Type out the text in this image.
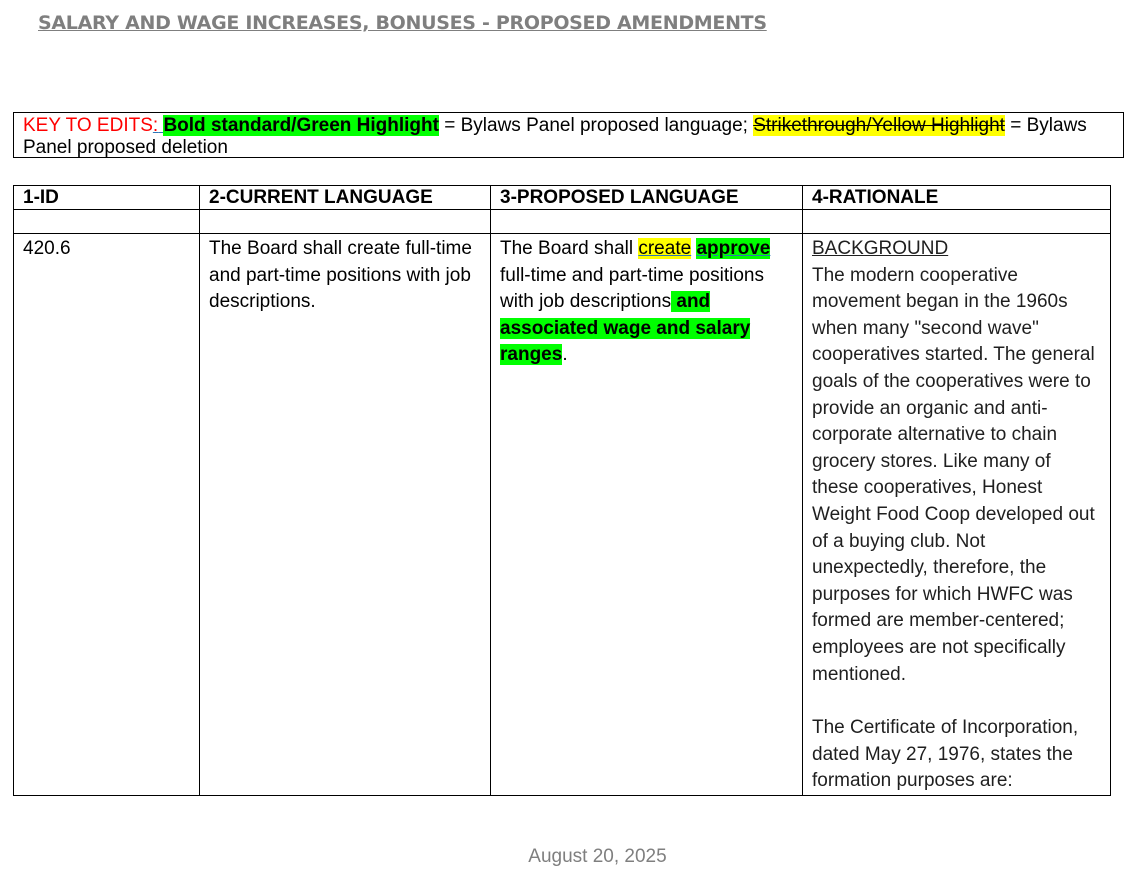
SALARY AND WAGE INCREASES, BONUSES - PROPOSED AMENDMENTS
KEY TO EDITS: Bold standard/Green Highlight = Bylaws Panel proposed language; Strikethrough/Yellow Highlight = Bylaws Panel proposed deletion
1-ID	2-CURRENT LANGUAGE	3-PROPOSED LANGUAGE	4-RATIONALE

420.6	The Board shall create full-time and part-time positions with job descriptions.	The Board shall create approve full-time and part-time positions with job descriptions and associated wage and salary ranges.	BACKGROUND
The modern cooperative movement began in the 1960s when many "second wave" cooperatives started. The general goals of the cooperatives were to provide an organic and anti-corporate alternative to chain grocery stores. Like many of these cooperatives, Honest Weight Food Coop developed out of a buying club. Not unexpectedly, therefore, the purposes for which HWFC was formed are member-centered; employees are not specifically mentioned.
The Certificate of Incorporation, dated May 27, 1976, states the formation purposes are:
August 20, 2025
